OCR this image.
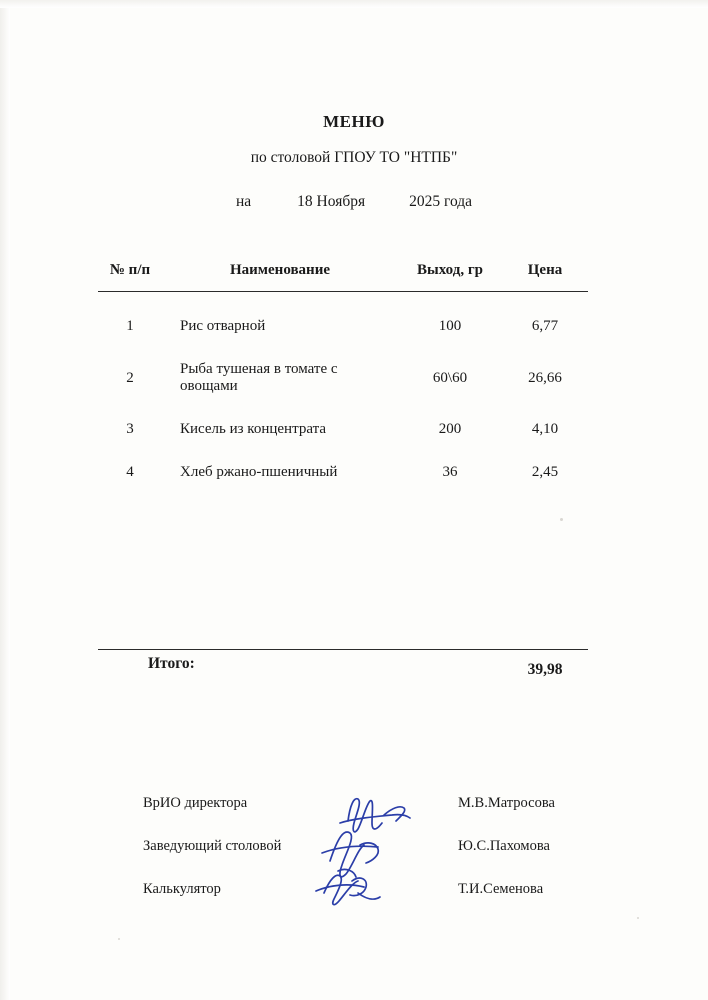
МЕНЮ
по столовой ГПОУ ТО "НТПБ"
на	18 Ноября	2025 года
№ п/п	Наименование	Выход, гр	Цена
1	Рис отварной	100	6,77
2	Рыба тушеная в томате с овощами	60\60	26,66
3	Кисель из концентрата	200	4,10
4	Хлеб ржано-пшеничный	36	2,45
Итого:	39,98
ВрИО директора	М.В.Матросова
Заведующий столовой	Ю.С.Пахомова
Калькулятор	Т.И.Семенова
